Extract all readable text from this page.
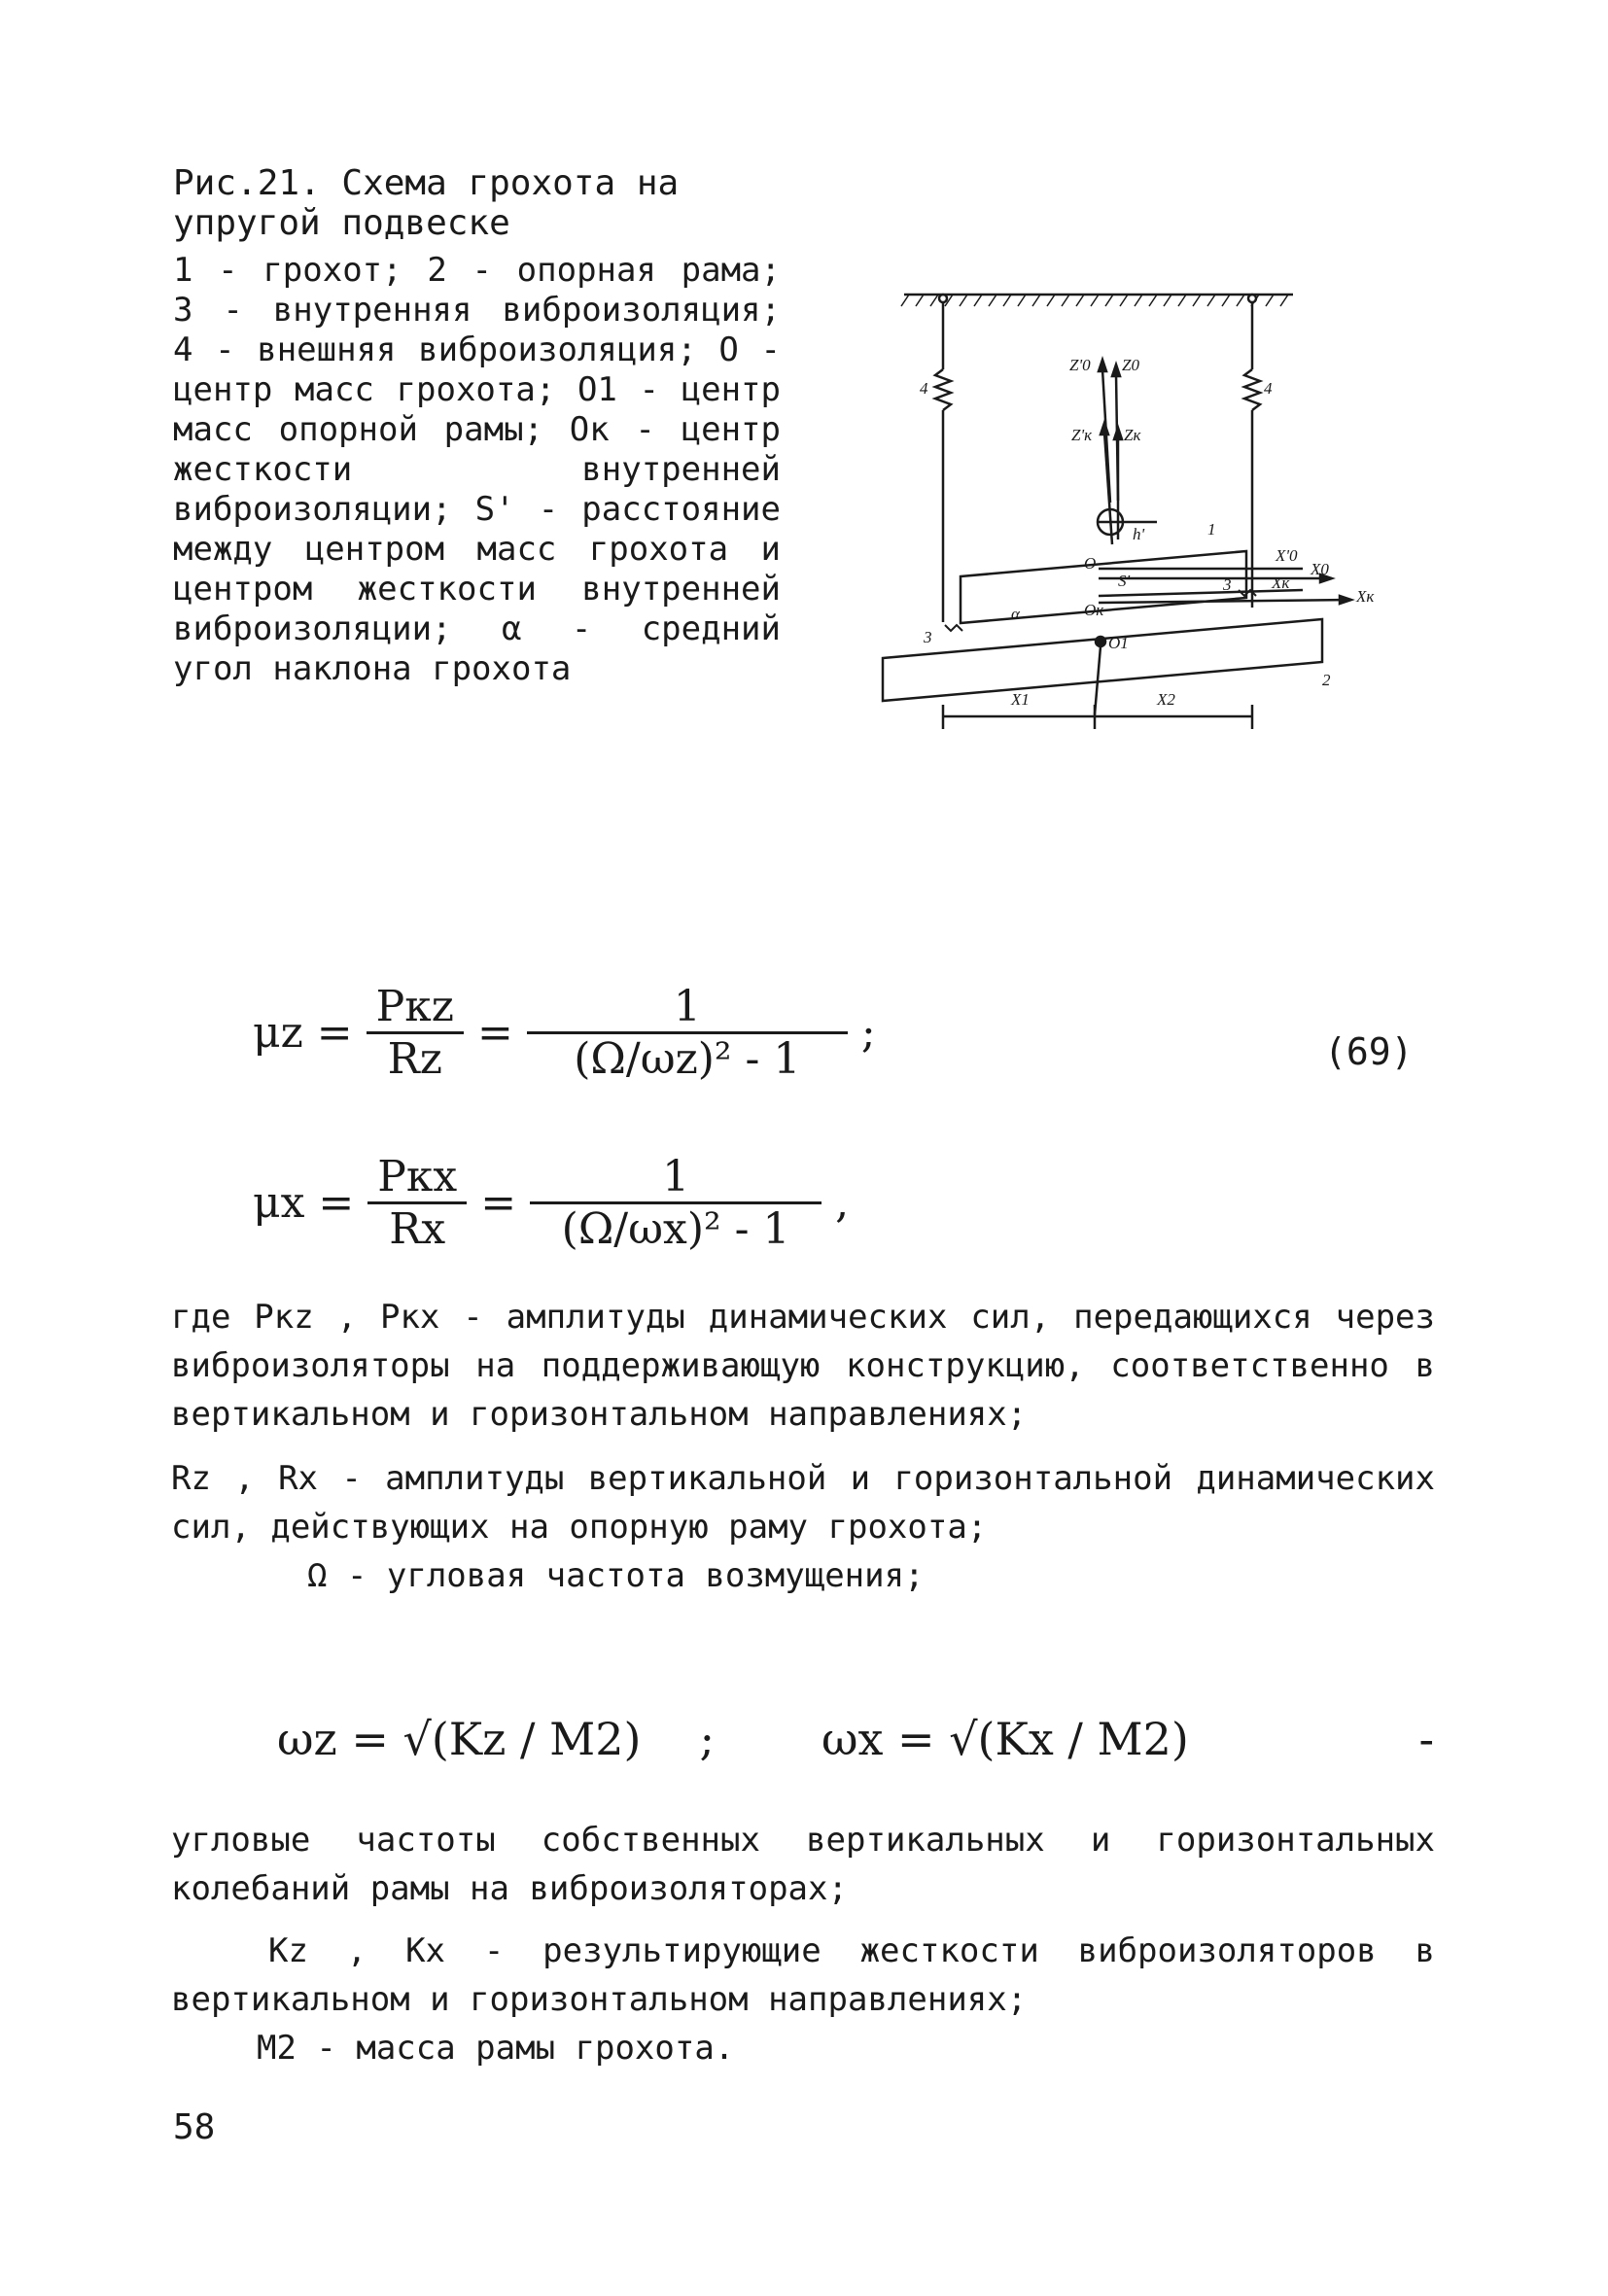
Рис.21. Схема грохота на упругой подвеске
1 - грохот; 2 - опорная рама; 3 - внутренняя виброизоляция; 4 - внешняя виброизоляция; O - центр масс грохота; O1 - центр масс опорной рамы; Oк - центр жесткости внутренней виброизоляции; S' - расстояние между центром масс грохота и центром жесткости внутренней виброизоляции; α - средний угол наклона грохота
4	4
Z'0 Z0
Z'к Zк
1
2
h'
O
S'
Oк
O1
3
3
X'0
X0
Xк
Xк
α
X1	X2
$\mu z = \frac{\text{Pкz}}{Rz} = \frac{1}{\text{(Ω/ωz)² - 1}}$ ;	(69)
$\mu x = \frac{\text{Pкx}}{Rx} = \frac{1}{\text{(Ω/ωx)² - 1}}$ ,

где Pкz , Pкx - амплитуды динамических сил, передающихся через виброизоляторы на поддерживающую конструкцию, соответственно в вертикальном и горизонтальном направлениях;

Rz , Rx - амплитуды вертикальной и горизонтальной динамических сил, действующих на опорную раму грохота;

Ω - угловая частота возмущения;

ωz = √(Kz / M2) ; ωx = √(Kx / M2)	-

угловые частоты собственных вертикальных и горизонтальных колебаний рамы на виброизоляторах;

Kz , Kx - результирующие жесткости виброизоляторов в вертикальном и горизонтальном направлениях;

M2 - масса рамы грохота.

58
